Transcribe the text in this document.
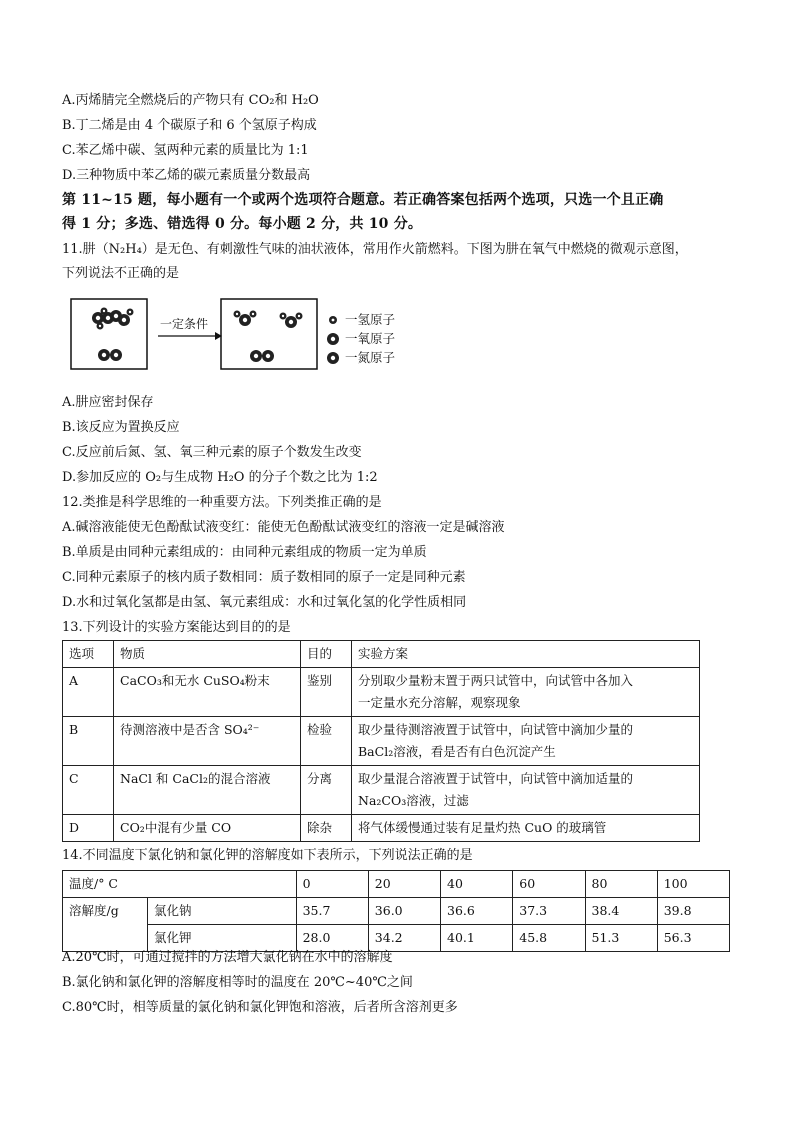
A.丙烯腈完全燃烧后的产物只有 CO₂和 H₂O
B.丁二烯是由 4 个碳原子和 6 个氢原子构成
C.苯乙烯中碳、氢两种元素的质量比为 1:1
D.三种物质中苯乙烯的碳元素质量分数最高
第 11~15 题，每小题有一个或两个选项符合题意。若正确答案包括两个选项，只选一个且正确
得 1 分；多选、错选得 0 分。每小题 2 分，共 10 分。
11.肼（N₂H₄）是无色、有刺激性气味的油状液体，常用作火箭燃料。下图为肼在氧气中燃烧的微观示意图，
下列说法不正确的是
一定条件	一氢原子
一氧原子
一氮原子
A.肼应密封保存
B.该反应为置换反应
C.反应前后氮、氢、氧三种元素的原子个数发生改变
D.参加反应的 O₂与生成物 H₂O 的分子个数之比为 1:2
12.类推是科学思维的一种重要方法。下列类推正确的是
A.碱溶液能使无色酚酞试液变红：能使无色酚酞试液变红的溶液一定是碱溶液
B.单质是由同种元素组成的：由同种元素组成的物质一定为单质
C.同种元素原子的核内质子数相同：质子数相同的原子一定是同种元素
D.水和过氧化氢都是由氢、氧元素组成：水和过氧化氢的化学性质相同
13.下列设计的实验方案能达到目的的是
选项	物质	目的	实验方案
A	CaCO₃和无水 CuSO₄粉末	鉴别	分别取少量粉末置于两只试管中，向试管中各加入
一定量水充分溶解，观察现象

B	待测溶液中是否含 SO₄²⁻	检验	取少量待测溶液置于试管中，向试管中滴加少量的
BaCl₂溶液，看是否有白色沉淀产生

C	NaCl 和 CaCl₂的混合溶液	分离	取少量混合溶液置于试管中，向试管中滴加适量的
Na₂CO₃溶液，过滤

D	CO₂中混有少量 CO	除杂	将气体缓慢通过装有足量灼热 CuO 的玻璃管
14.不同温度下氯化钠和氯化钾的溶解度如下表所示，下列说法正确的是
温度/° C		0	20	40	60	80	100
溶解度/g	氯化钠	35.7	36.0	36.6	37.3	38.4	39.8
	氯化钾	28.0	34.2	40.1	45.8	51.3	56.3
A.20℃时，可通过搅拌的方法增大氯化钠在水中的溶解度
B.氯化钠和氯化钾的溶解度相等时的温度在 20℃~40℃之间
C.80℃时，相等质量的氯化钠和氯化钾饱和溶液，后者所含溶剂更多
